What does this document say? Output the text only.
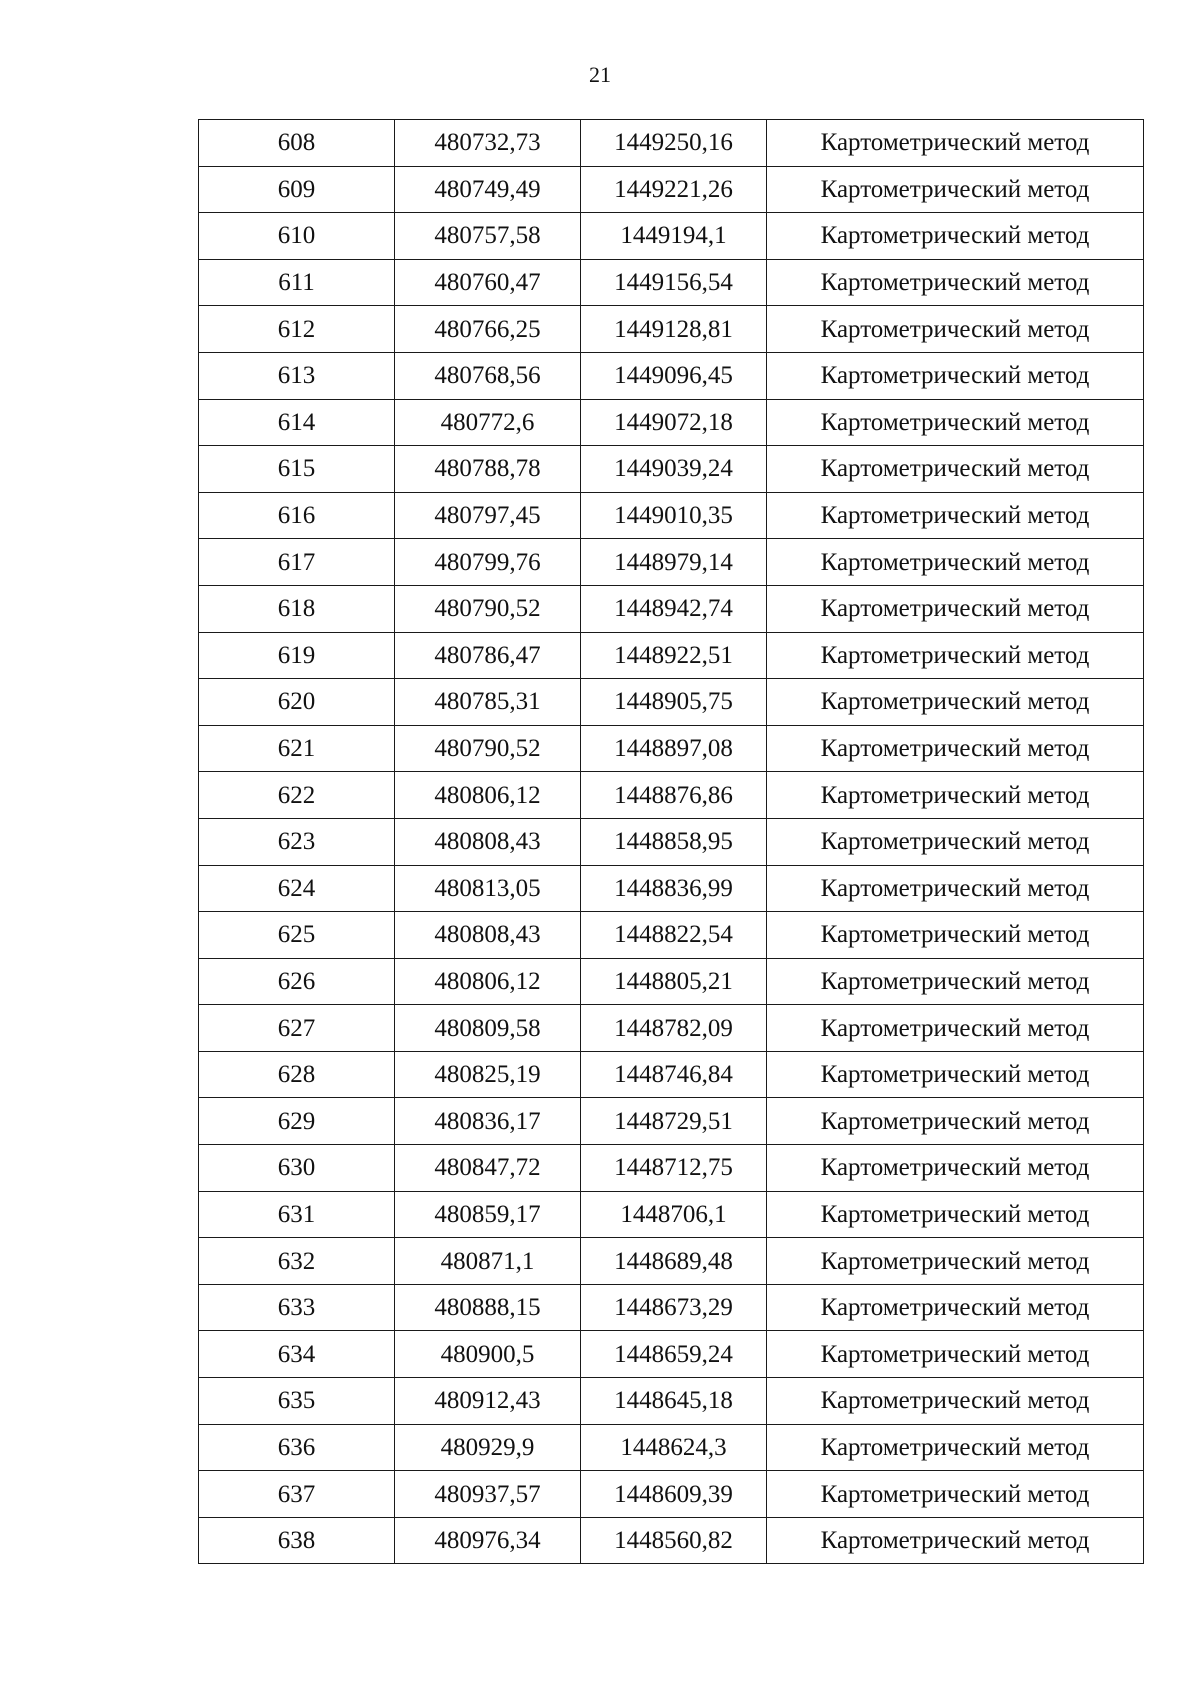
21
608	480732,73	1449250,16	Картометрический метод
609	480749,49	1449221,26	Картометрический метод
610	480757,58	1449194,1	Картометрический метод
611	480760,47	1449156,54	Картометрический метод
612	480766,25	1449128,81	Картометрический метод
613	480768,56	1449096,45	Картометрический метод
614	480772,6	1449072,18	Картометрический метод
615	480788,78	1449039,24	Картометрический метод
616	480797,45	1449010,35	Картометрический метод
617	480799,76	1448979,14	Картометрический метод
618	480790,52	1448942,74	Картометрический метод
619	480786,47	1448922,51	Картометрический метод
620	480785,31	1448905,75	Картометрический метод
621	480790,52	1448897,08	Картометрический метод
622	480806,12	1448876,86	Картометрический метод
623	480808,43	1448858,95	Картометрический метод
624	480813,05	1448836,99	Картометрический метод
625	480808,43	1448822,54	Картометрический метод
626	480806,12	1448805,21	Картометрический метод
627	480809,58	1448782,09	Картометрический метод
628	480825,19	1448746,84	Картометрический метод
629	480836,17	1448729,51	Картометрический метод
630	480847,72	1448712,75	Картометрический метод
631	480859,17	1448706,1	Картометрический метод
632	480871,1	1448689,48	Картометрический метод
633	480888,15	1448673,29	Картометрический метод
634	480900,5	1448659,24	Картометрический метод
635	480912,43	1448645,18	Картометрический метод
636	480929,9	1448624,3	Картометрический метод
637	480937,57	1448609,39	Картометрический метод
638	480976,34	1448560,82	Картометрический метод
